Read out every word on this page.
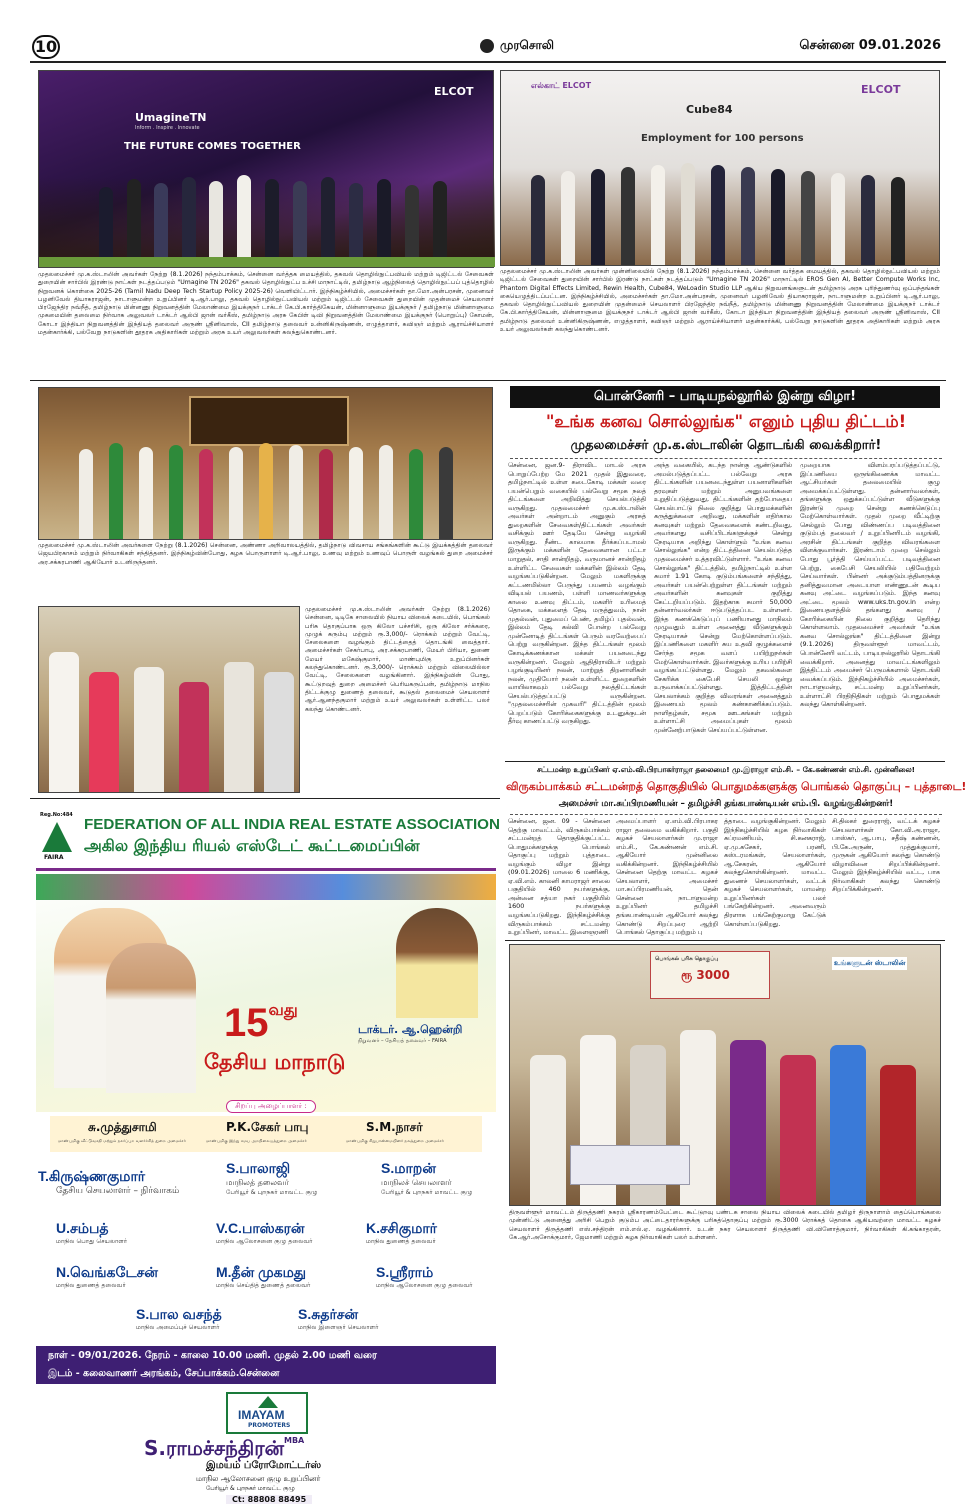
10	முரசொலி	சென்னை 09.01.2026
UmagineTN
Inform . Inspire . Innovate
THE FUTURE COMES TOGETHER
ELCOT
முதலமைச்சர் மு.க.ஸ்டாலின் அவர்கள் நேற்று (8.1.2026) நந்தம்பாக்கம், சென்னை வர்த்தக மையத்தில், தகவல் தொழில்நுட்பவியல் மற்றும் டிஜிட்டல் சேவைகள் துறையின் சார்பில் இரண்டு நாட்கள் நடத்தப்படும் "Umagine TN 2026" தகவல் தொழில்நுட்ப உச்சி மாநாட்டில், தமிழ்நாடு ஆழ்நிலைத் தொழில்நுட்பப் புத்தொழில் நிறுவனக் கொள்கை 2025-26 (Tamil Nadu Deep Tech Startup Policy 2025-26) வெளியிட்டார். இந்நிகழ்ச்சியில், அமைச்சர்கள் தா.மோ.அன்பரசன், முனைவர் பழனிவேல் தியாகராஜன், நாடாளுமன்ற உறுப்பினர் டி.ஆர்.பாலு, தகவல் தொழில்நுட்பவியல் மற்றும் டிஜிட்டல் சேவைகள் துறையின் முதன்மைச் செயலாளர் பிரஜேந்திர நவ்நீத், தமிழ்நாடு மின்னணு நிறுவனத்தின் மேலாண்மை இயக்குநர் டாக்டர் கே.பி.கார்த்திகேயன், மின்னாளுமை இயக்குநர் / தமிழ்நாடு மின்னாளுமை முகமையின் தலைமை நிர்வாக அலுவலர் டாக்டர் ஆல்பி ஜான் வர்கீஸ், தமிழ்நாடு அரசு கேபிள் டிவி நிறுவனத்தின் மேலாண்மை இயக்குநர் (பொறுப்பு) கோமன், கோடா இந்தியா நிறுவனத்தின் இந்தியத் தலைவர் அருண் ஸ்ரீனிவாஸ், CII தமிழ்நாடு தலைவர் உன்னிகிருஷ்ணன், எழுத்தாளர், கவிஞர் மற்றும் ஆராய்ச்சியாளர் மதன்கார்க்கி, பல்வேறு நாடுகளின் தூதரக அதிகாரிகள் மற்றும் அரசு உயர் அலுவலர்கள் கலந்துகொண்டனர்.
எல்காட் ELCOT
Cube84
Employment for 100 persons
ELCOT
முதலமைச்சர் மு.க.ஸ்டாலின் அவர்கள் முன்னிலையில் நேற்று (8.1.2026) நந்தம்பாக்கம், சென்னை வர்த்தக மையத்தில், தகவல் தொழில்நுட்பவியல் மற்றும் டிஜிட்டல் சேவைகள் துறையின் சார்பில் இரண்டு நாட்கள் நடத்தப்படும் "Umagine TN 2026" மாநாட்டில் EROS Gen AI, Better Compute Works Inc, Phantom Digital Effects Limited, Rewin Health, Cube84, WeLoadin Studio LLP ஆகிய நிறுவனங்களுடன் தமிழ்நாடு அரசு புரிந்துணர்வு ஒப்பந்தங்கள் கையெழுத்திடப்பட்டன. இந்நிகழ்ச்சியில், அமைச்சர்கள் தா.மோ.அன்பரசன், முனைவர் பழனிவேல் தியாகராஜன், நாடாளுமன்ற உறுப்பினர் டி.ஆர்.பாலு, தகவல் தொழில்நுட்பவியல் துறையின் முதன்மைச் செயலாளர் பிரஜேந்திர நவ்நீத், தமிழ்நாடு மின்னணு நிறுவனத்தின் மேலாண்மை இயக்குநர் டாக்டர் கே.பி.கார்த்திகேயன், மின்னாளுமை இயக்குநர் டாக்டர் ஆல்பி ஜான் வர்கீஸ், கோடா இந்தியா நிறுவனத்தின் இந்தியத் தலைவர் அருண் ஸ்ரீனிவாஸ், CII தமிழ்நாடு தலைவர் உன்னிகிருஷ்ணன், எழுத்தாளர், கவிஞர் மற்றும் ஆராய்ச்சியாளர் மதன்கார்க்கி, பல்வேறு நாடுகளின் தூதரக அதிகாரிகள் மற்றும் அரசு உயர் அலுவலர்கள் கலந்துகொண்டனர்.
முதலமைச்சர் மு.க.ஸ்டாலின் அவர்களை நேற்று (8.1.2026) சென்னை, அண்ணா அறிவாலயத்தில், தமிழ்நாடு விவசாய சங்கங்களின் கூட்டு இயக்கத்தின் தலைவர் ஜெயபிரகாசம் மற்றும் நிர்வாகிகள் சந்தித்தனர். இந்நிகழ்வின்போது, கழக பொருளாளர் டி.ஆர்.பாலு, உணவு மற்றும் உணவுப் பொருள் வழங்கல் துறை அமைச்சர் அர.சக்கரபாணி ஆகியோர் உடனிருந்தனர்.
முதலமைச்சர் மு.க.ஸ்டாலின் அவர்கள் நேற்று (8.1.2026) சென்னை, டிடிகே சாலையில் நியாய விலைக் கடையில், பொங்கல் பரிசு தொகுப்பாக ஒரு கிலோ பச்சரிசி, ஒரு கிலோ சர்க்கரை, முழுக் கரும்பு மற்றும் ரூ.3,000/- ரொக்கம் மற்றும் வேட்டி, சேலைகளை வழங்கும் திட்டத்தைத் தொடங்கி வைத்தார். அமைச்சர்கள் சேகர்பாபு, அர.சக்கரபாணி, மேயர் பிரியா, துணை மேயர் மகேஷ்குமார், மாண்புமிகு உறுப்பினர்கள் கலந்துகொண்டனர். ரூ.3,000/- ரொக்கம் மற்றும் விலையில்லா வேட்டி, சேலைகளை வழங்கினார். இந்நிகழ்வின் போது, கூட்டுறவுத் துறை அமைச்சர் பெரியகருப்பன், தமிழ்நாடு மாநில திட்டக்குழு துணைத் தலைவர், கூடுதல் தலைமைச் செயலாளர் ஆர்.ஆனந்தகுமார் மற்றும் உயர் அலுவலர்கள் உள்ளிட்ட பலர் கலந்து கொண்டனர்.
Reg.No:484
FAIRA
FEDERATION OF ALL INDIA REAL ESTATE ASSOCIATION
அகில இந்திய ரியல் எஸ்டேட் கூட்டமைப்பின்
டாக்டர். ஆ.ஹென்றி
நிறுவனர் – தேசியத் தலைவர் – FAIRA
$15^{வது}$
தேசிய மாநாடு
சிறப்பு அழைப்பாளர் :
சு.முத்துசாமி
மாண்புமிகு வீட்டுவசதி மற்றும் நகர்ப்புற வளர்ச்சித் துறை அமைச்சர்
P.K.சேகர் பாபு
மாண்புமிகு இந்து சமய அறநிலையத்துறை அமைச்சர்
S.M.நாசர்
மாண்புமிகு சிறுபான்மையினர் நலத்துறை அமைச்சர்
T.கிருஷ்ணகுமார்
தேசிய செயலாளர் – நிர்வாகம்
S.பாலாஜி
மாநிலத் தலைவர்
பேரியூர் & புறநகர் மாவட்ட குழு
S.மாறன்
மாநிலச் செயலாளர்
பேரியூர் & புறநகர் மாவட்ட குழு
U.சம்பத்
மாநில பொது செயலாளர்
V.C.பாஸ்கரன்
மாநில ஆலோசனை குழு தலைவர்
K.சசிகுமார்
மாநில துணைத் தலைவர்
N.வெங்கடேசன்
மாநில துணைத் தலைவர்
M.தீன் முகமது
மாநில செய்தித் துணைத் தலைவர்
S.ஸ்ரீராம்
மாநில ஆலோசனை குழு தலைவர்
S.பால வசந்த்
மாநில அமைப்புச் செயலாளர்
S.சுதர்சன்
மாநில இளைஞர் செயலாளர்
நாள் - 09/01/2026. நேரம் - காலை 10.00 மணி. முதல் 2.00 மணி வரை
இடம் - கலைவாணர் அரங்கம், சேப்பாக்கம்.சென்னை
IMAYAM
PROMOTERS
S.ராமச்சந்திரன்$^{MBA}$
இமயம் ப்ரோமோட்டர்ஸ்
மாநில ஆலோசனை குழு உறுப்பினர்
பேரியூர் & புறநகர் மாவட்ட குழு
Ct: 88808 88495
பொன்னேரி – பாடியநல்லூரில் இன்று விழா!
"உங்க கனவ சொல்லுங்க" எனும் புதிய திட்டம்!
முதலமைச்சர் மு.க.ஸ்டாலின் தொடங்கி வைக்கிறார்!
சென்னை, ஜன.9- திராவிட மாடல் அரசு பொறுப்பேற்ற மே 2021 முதல் இதுவரை, தமிழ்நாட்டில் உள்ள கடைகோடி மக்கள் வரை பயன்பெறும் வகையில் பல்வேறு சமூக நலத் திட்டங்களை அறிவித்து செயல்படுத்தி வருகிறது. முதலமைச்சர் மு.க.ஸ்டாலின் அவர்கள் அன்றாடம் அனுகும் அரசுத் துறைகளின் சேவைகள்/திட்டங்கள் அவர்கள் வசிக்கும் ஊர் தேடியே சென்று வழங்கி வருகிறது. நீண்ட காலமாக தீர்க்கப்படாமல் இருக்கும் மக்களின் தேவைகளான பட்டா மாறுதல், சாதி சான்றிதழ், வருமானச் சான்றிதழ் உள்ளிட்ட சேவைகள் மக்களின் இல்லம் தேடி வழங்கப்படுகின்றன. மேலும் மகளிருக்கு கட்டணமில்லா பேருந்து பயணம் வழங்கும் விடியல் பயணம், பள்ளி மாணவர்களுக்கு காலை உணவு திட்டம், மகளிர் உரிமைத் தொகை, மக்களைத் தேடி மருத்துவம், நான் முதல்வன், புதுமைப் பெண், தமிழ்ப் புதல்வன், இல்லம் தேடி கல்வி போன்ற பல்வேறு முன்னோடித் திட்டங்கள் பெரும் வரவேற்பைப் பெற்று வருகின்றன. இந்த திட்டங்கள் மூலம் கோடிக்கணக்கான மக்கள் பயனடைந்து வருகின்றனர். மேலும் ஆதிதிராவிடர் மற்றும் பழங்குடியினர் நலன், மாற்றுத் திறனாளிகள் நலன், முதியோர் நலன் உள்ளிட்ட துறைகளின் வாயிலாகவும் பல்வேறு நலத்திட்டங்கள் செயல்படுத்தப்பட்டு வருகின்றன. "முதலமைச்சரின் முகவரி" திட்டத்தின் மூலம் பெறப்படும் கோரிக்கைகளுக்கு உடனுக்குடன் தீர்வு காணப்பட்டு வருகிறது.
அந்த வகையில், கடந்த நான்கு ஆண்டுகளில் அமல்படுத்தப்பட்ட பல்வேறு அரசு திட்டங்களின் பயனடைந்துள்ள பயனாளிகளின் தரவுகள் மற்றும் அனுபவங்களை உறுதிப்படுத்துவது, திட்டங்களின் தற்போதைய செயல்பாட்டு நிலை குறித்து பொதுமக்களின் கருத்துக்களை அறிவது, மக்களின் எதிர்கால கனவுகள் மற்றும் தேவைகளைக் கண்டறிவது, அவர்களது வசிப்பிடங்களுக்குச் சென்று நேரடியாக அறிந்து கொள்ளும் "உங்க கனவ சொல்லுங்க" என்ற திட்டத்தினை செயல்படுத்த முதலமைச்சர் உத்தரவிட்டுள்ளார். "உங்க கனவ சொல்லுங்க" திட்டத்தில், தமிழ்நாட்டில் உள்ள சுமார் 1.91 கோடி குடும்பங்களைச் சந்தித்து, அவர்கள் பயன்பெற்றுள்ள திட்டங்கள் மற்றும் அவர்களின் கனவுகள் குறித்து கேட்டறியப்படும். இதற்காக சுமார் 50,000 தன்னார்வலர்கள் ஈடுபடுத்தப்பட உள்ளனர். இந்த கணக்கெடுப்புப் பணியானது மாநிலம் முழுவதும் உள்ள அனைத்து வீடுகளுக்கும் நேரடியாகச் சென்று மேற்கொள்ளப்படும். இப்பணிகளை மகளிர் சுய உதவி குழுக்களைச் சேர்ந்த சமூக வளப் பயிற்றுநர்கள் மேற்கொள்வார்கள். இவர்களுக்கு உரிய பயிற்சி வழங்கப்பட்டுள்ளது. மேலும் தகவல்களை சேகரிக்க கைபேசி செயலி ஒன்று உருவாக்கப்பட்டுள்ளது. இத்திட்டத்தின் செயலாக்கம் குறித்த விவரங்கள் அனைத்தும் இணையம் மூலம் கண்காணிக்கப்படும். நாளிதழ்கள், சமூக ஊடகங்கள் மற்றும் உள்ளாட்சி அமைப்புகள் மூலம் முன்னேற்பாடுகள் செய்யப்பட்டுள்ளன.
முறையாக விளம்பரப்படுத்தப்பட்டு, இப்பணியை ஒருங்கிணைக்க மாவட்ட ஆட்சியர்கள் தலைமையில் குழு அமைக்கப்பட்டுள்ளது. தன்னார்வலர்கள், தங்களுக்கு ஒதுக்கப்பட்டுள்ள வீடுகளுக்கு இரண்டு முறை சென்று கணக்கெடுப்பு மேற்கொள்வார்கள். முதல் முறை வீட்டிற்கு செல்லும் போது விண்ணப்ப படிவத்தினை குடும்பத் தலைவர் / உறுப்பினரிடம் வழங்கி, அரசின் திட்டங்கள் குறித்த விவரங்களை விளக்குவார்கள். இரண்டாம் முறை செல்லும் போது பூர்த்தி செய்யப்பட்ட படிவத்தினை பெற்று, கைபேசி செயலியில் பதிவேற்றம் செய்வார்கள். பின்னர் அக்குடும்பத்தினருக்கு தனித்துவமான அடையாள எண்ணுடன் கூடிய கனவு அட்டை வழங்கப்படும். இந்த கனவு அட்டை மூலம் www.uks.tn.gov.in என்ற இணையதளத்தில் தங்களது கனவு / கோரிக்கையின் நிலை குறித்து தெரிந்து கொள்ளலாம். முதலமைச்சர் அவர்கள் "உங்க கனவ சொல்லுங்க" திட்டத்தினை இன்று (9.1.2026) திருவள்ளூர் மாவட்டம், பொன்னேரி வட்டம், பாடியநல்லூரில் தொடங்கி வைக்கிறார். அனைத்து மாவட்டங்களிலும் இத்திட்டம் அமைச்சர் பெருமக்களால் தொடங்கி வைக்கப்படும். இந்நிகழ்ச்சியில் அமைச்சர்கள், நாடாளுமன்ற, சட்டமன்ற உறுப்பினர்கள், உள்ளாட்சி பிரதிநிதிகள் மற்றும் பொதுமக்கள் கலந்து கொள்கின்றனர்.
சட்டமன்ற உறுப்பினர் ஏ.எம்.வி.பிரபாகர்ராஜா தலைமை! மு.இராஜா எம்.சி. – கே.கண்ணன் எம்.சி. முன்னிலை!
விருகம்பாக்கம் சட்டமன்றத் தொகுதியில் பொதுமக்களுக்கு பொங்கல் தொகுப்பு – புத்தாடை!
அமைச்சர் மா.சுப்பிரமணியன் – தமிழச்சி தங்கபாண்டியன் எம்.பி. வழங்குகின்றனர்!
சென்னை, ஜன. 09 - சென்னை தெற்கு மாவட்டம், விருகம்பாக்கம் சட்டமன்றத் தொகுதிக்குட்பட்ட பொதுமக்களுக்கு பொங்கல் தொகுப்பு மற்றும் புத்தாடை வழங்கும் விழா இன்று (09.01.2026) மாலை 6 மணிக்கு, ஏ.வி.எம். காலனி காமராஜர் சாலை பகுதியில் 460 நபர்களுக்கு, அன்னை சத்யா நகர் பகுதியில் 1600 நபர்களுக்கு வழங்கப்படுகிறது. இந்நிகழ்ச்சிக்கு விருகம்பாக்கம் சட்டமன்ற உறுப்பினர், மாவட்ட இளைஞரணி
அமைப்பாளர் ஏ.எம்.வி.பிரபாகர ராஜா தலைமை வகிக்கிறார். பகுதி கழகச் செயலாளர்கள் மு.ராஜா எம்.சி., கே.கண்ணன் எம்.சி. ஆகியோர் முன்னிலை வகிக்கின்றனர். இந்நிகழ்ச்சியில் சென்னை தெற்கு மாவட்ட கழகச் செயலாளர், அமைச்சர் மா.சுப்பிரமணியன், தென் சென்னை நாடாளுமன்ற உறுப்பினர் தமிழச்சி தங்கபாண்டியன் ஆகியோர் கலந்து கொண்டு சிறப்புரை ஆற்றி பொங்கல் தொகுப்பு மற்றும் பு
த்தாடை வழங்குகின்றனர். மேலும் இந்நிகழ்ச்சியில் கழக நிர்வாகிகள் சுப்ரமணியம், சி.கனகராஜ், ஏ.மு.கசேகர், பரணி, கஸ்டரமங்கள், செயலாளர்கள், ஆ.சேகரன், ஆகியோர் கலந்துகொள்கின்றனர். மாவட்ட துணைச் செயலாளர்கள், வட்டக் கழகச் செயலாளர்கள், மாமன்ற உறுப்பினர்கள் பலர் பங்கேற்கின்றனர். அனைவரும் திரளாக பங்கேற்குமாறு கேட்டுக் கொள்ளப்படுகிறது.
சி.திலகர் துரைராஜ், வட்டக் கழகச் செயலாளர்கள் கோ.வி.அ.ராஜா, பாஸ்கர், ஆ.பாபு, சதீஷ் கண்ணன், பி.கே.அருண், முத்துக்குமார், முருகன் ஆகியோர் கலந்து கொண்டு விழாவினை சிறப்பிக்கின்றனர். மேலும் இந்நிகழ்ச்சியில் வட்ட, பாக நிர்வாகிகள் கலந்து கொண்டு சிறப்பிக்கின்றனர்.
பொங்கல் பரிசு தொகுப்பு
ரூ 3000
உங்களுடன் ஸ்டாலின்
திருவள்ளூர் மாவட்டம் திருத்தணி நகரம் ஸ்ரீகாரணம்பேட்டை கூட்டுறவு பண்டக சாலை நியாய விலைக் கடையில் தமிழர் திருநாளாம் தைப்பொங்கலை முன்னிட்டு அனைத்து அரிசி பெறும் குடும்ப அட்டைதாரர்களுக்கு பரிசுத்தொகுப்பு மற்றும் ரூ.3000 ரொக்கத் தொகை ஆகியவற்றை மாவட்ட கழகச் செயலாளர் திருத்தணி எஸ்.சந்திரன் எம்.எல்.ஏ. வழங்கினார். உடன் நகர செயலாளர் திருத்தணி வி.வினோத்குமார், நிர்வாகிகள் கி.கங்காதரன், கே.ஆர்.அசோக்குமார், ஜேமாணி மற்றும் கழக நிர்வாகிகள் பலர் உள்ளனர்.
